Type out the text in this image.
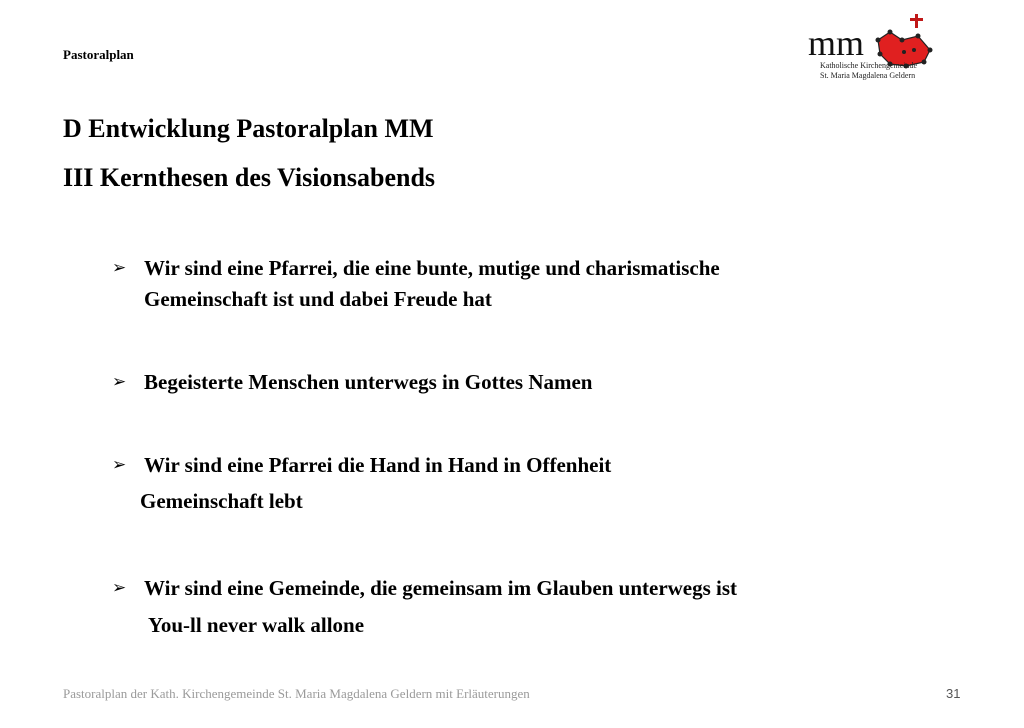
Pastoralplan	mm
Katholische Kirchengemeinde
St. Maria Magdalena Geldern
D Entwicklung Pastoralplan MM
III Kernthesen des Visionsabends
➢ Wir sind eine Pfarrei, die eine bunte, mutige und charismatische
Gemeinschaft ist und dabei Freude hat
➢ Begeisterte Menschen unterwegs in Gottes Namen
➢ Wir sind eine Pfarrei die Hand in Hand in Offenheit
Gemeinschaft lebt
➢ Wir sind eine Gemeinde, die gemeinsam im Glauben unterwegs ist
You-ll never walk allone
Pastoralplan der Kath. Kirchengemeinde St. Maria Magdalena Geldern mit Erläuterungen	31
